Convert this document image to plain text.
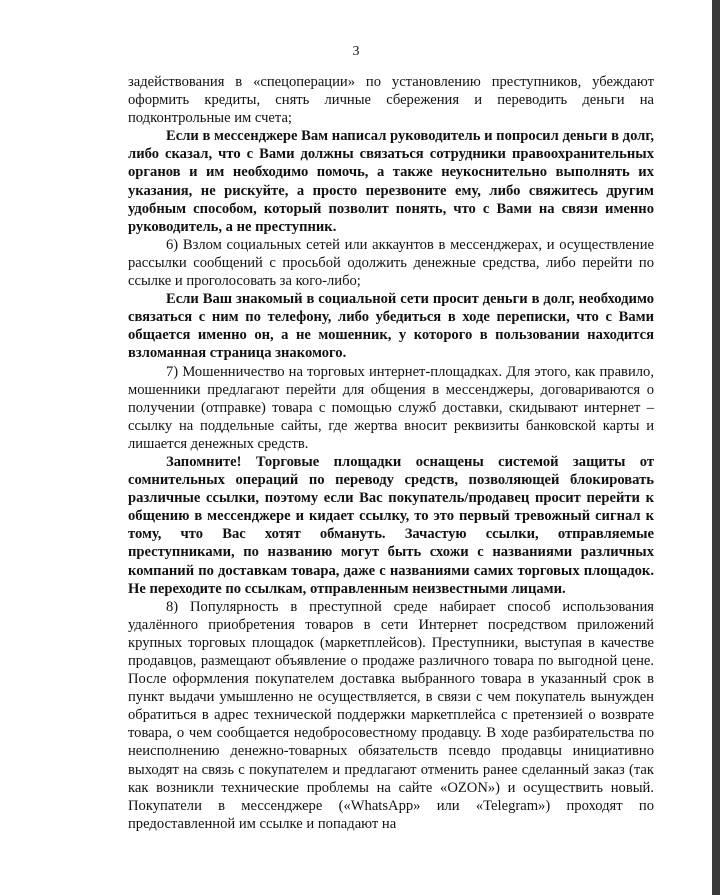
3

задействования в «спецоперации» по установлению преступников, убеждают оформить кредиты, снять личные сбережения и переводить деньги на подконтрольные им счета;

Если в мессенджере Вам написал руководитель и попросил деньги в долг, либо сказал, что с Вами должны связаться сотрудники правоохранительных органов и им необходимо помочь, а также неукоснительно выполнять их указания, не рискуйте, а просто перезвоните ему, либо свяжитесь другим удобным способом, который позволит понять, что с Вами на связи именно руководитель, а не преступник.

6) Взлом социальных сетей или аккаунтов в мессенджерах, и осуществление рассылки сообщений с просьбой одолжить денежные средства, либо перейти по ссылке и проголосовать за кого-либо;

Если Ваш знакомый в социальной сети просит деньги в долг, необходимо связаться с ним по телефону, либо убедиться в ходе переписки, что с Вами общается именно он, а не мошенник, у которого в пользовании находится взломанная страница знакомого.

7) Мошенничество на торговых интернет-площадках. Для этого, как правило, мошенники предлагают перейти для общения в мессенджеры, договариваются о получении (отправке) товара с помощью служб доставки, скидывают интернет – ссылку на поддельные сайты, где жертва вносит реквизиты банковской карты и лишается денежных средств.

Запомните! Торговые площадки оснащены системой защиты от сомнительных операций по переводу средств, позволяющей блокировать различные ссылки, поэтому если Вас покупатель/продавец просит перейти к общению в мессенджере и кидает ссылку, то это первый тревожный сигнал к тому, что Вас хотят обмануть. Зачастую ссылки, отправляемые преступниками, по названию могут быть схожи с названиями различных компаний по доставкам товара, даже с названиями самих торговых площадок. Не переходите по ссылкам, отправленным неизвестными лицами.

8) Популярность в преступной среде набирает способ использования удалённого приобретения товаров в сети Интернет посредством приложений крупных торговых площадок (маркетплейсов). Преступники, выступая в качестве продавцов, размещают объявление о продаже различного товара по выгодной цене. После оформления покупателем доставка выбранного товара в указанный срок в пункт выдачи умышленно не осуществляется, в связи с чем покупатель вынужден обратиться в адрес технической поддержки маркетплейса с претензией о возврате товара, о чем сообщается недобросовестному продавцу. В ходе разбирательства по неисполнению денежно-товарных обязательств псевдо продавцы инициативно выходят на связь с покупателем и предлагают отменить ранее сделанный заказ (так как возникли технические проблемы на сайте «OZON») и осуществить новый. Покупатели в мессенджере («WhatsApp» или «Telegram») проходят по предоставленной им ссылке и попадают на
